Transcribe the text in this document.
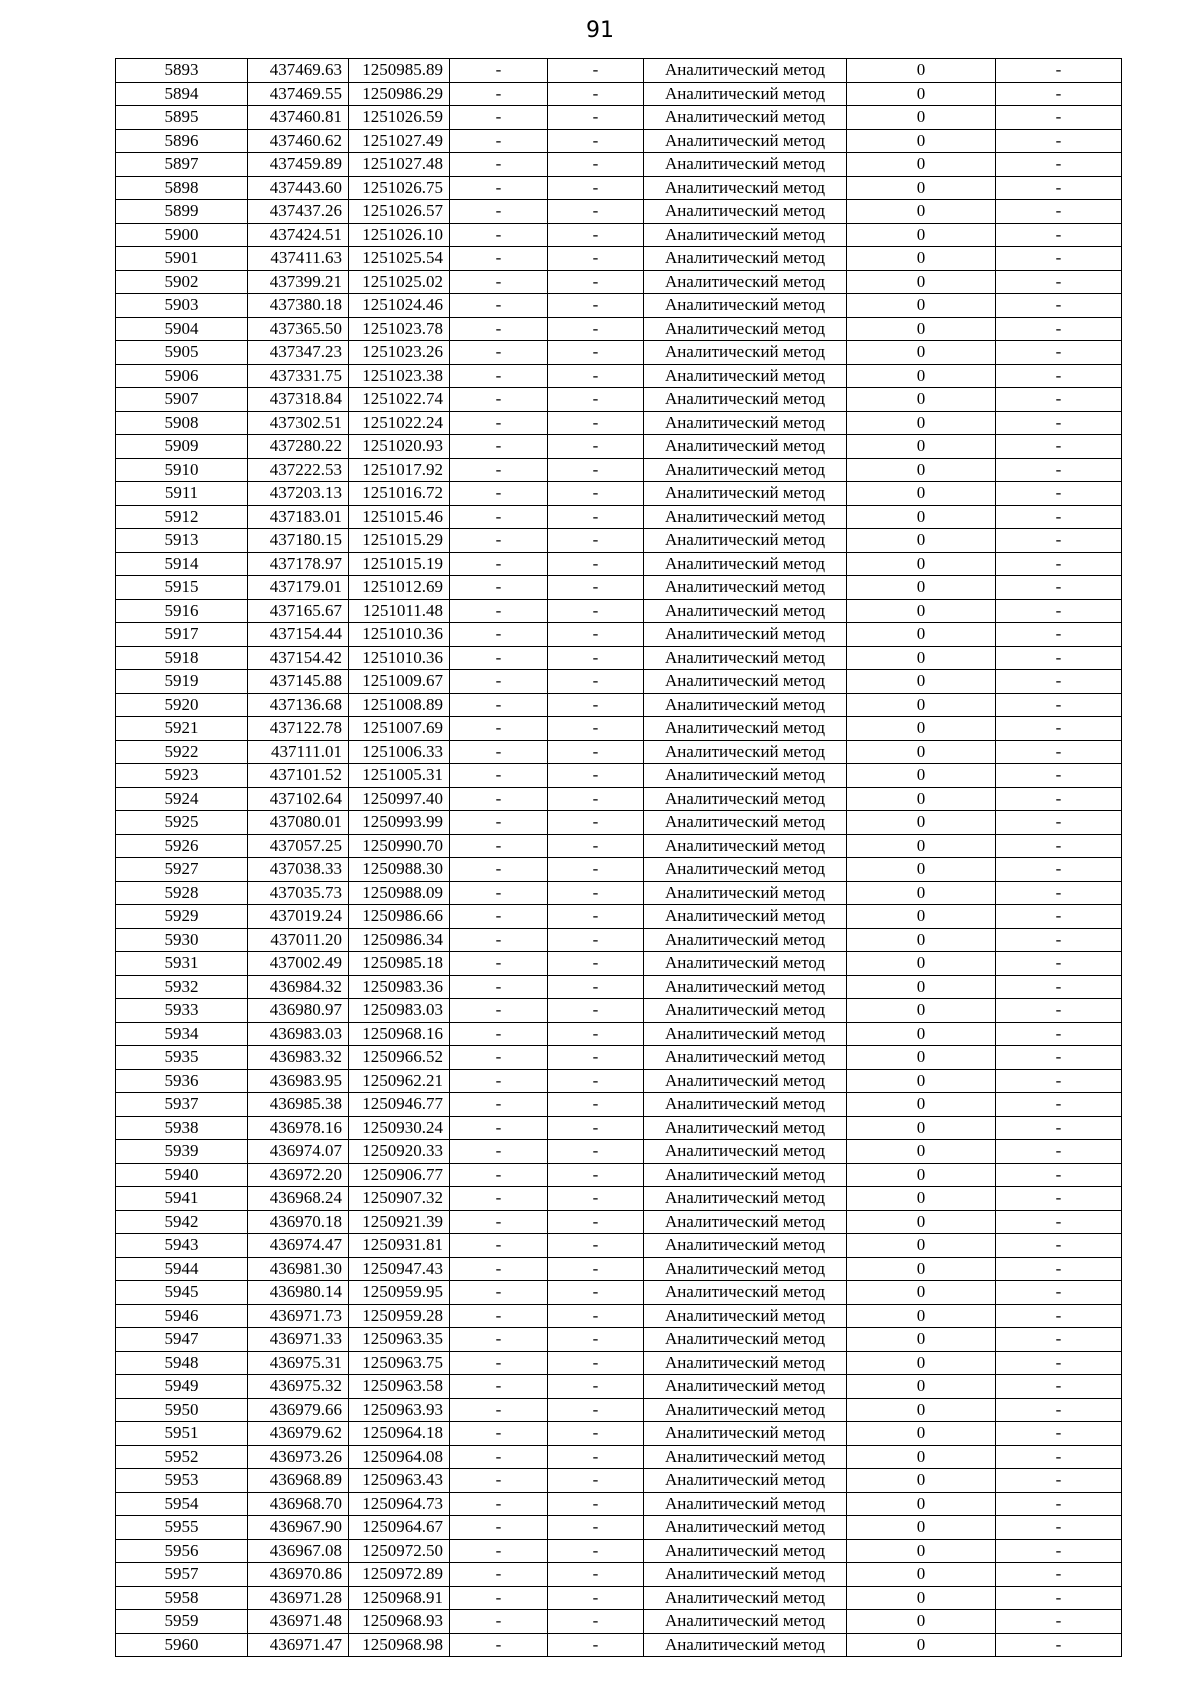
91
5893	437469.63	1250985.89	-	-	Аналитический метод	0	-
5894	437469.55	1250986.29	-	-	Аналитический метод	0	-
5895	437460.81	1251026.59	-	-	Аналитический метод	0	-
5896	437460.62	1251027.49	-	-	Аналитический метод	0	-
5897	437459.89	1251027.48	-	-	Аналитический метод	0	-
5898	437443.60	1251026.75	-	-	Аналитический метод	0	-
5899	437437.26	1251026.57	-	-	Аналитический метод	0	-
5900	437424.51	1251026.10	-	-	Аналитический метод	0	-
5901	437411.63	1251025.54	-	-	Аналитический метод	0	-
5902	437399.21	1251025.02	-	-	Аналитический метод	0	-
5903	437380.18	1251024.46	-	-	Аналитический метод	0	-
5904	437365.50	1251023.78	-	-	Аналитический метод	0	-
5905	437347.23	1251023.26	-	-	Аналитический метод	0	-
5906	437331.75	1251023.38	-	-	Аналитический метод	0	-
5907	437318.84	1251022.74	-	-	Аналитический метод	0	-
5908	437302.51	1251022.24	-	-	Аналитический метод	0	-
5909	437280.22	1251020.93	-	-	Аналитический метод	0	-
5910	437222.53	1251017.92	-	-	Аналитический метод	0	-
5911	437203.13	1251016.72	-	-	Аналитический метод	0	-
5912	437183.01	1251015.46	-	-	Аналитический метод	0	-
5913	437180.15	1251015.29	-	-	Аналитический метод	0	-
5914	437178.97	1251015.19	-	-	Аналитический метод	0	-
5915	437179.01	1251012.69	-	-	Аналитический метод	0	-
5916	437165.67	1251011.48	-	-	Аналитический метод	0	-
5917	437154.44	1251010.36	-	-	Аналитический метод	0	-
5918	437154.42	1251010.36	-	-	Аналитический метод	0	-
5919	437145.88	1251009.67	-	-	Аналитический метод	0	-
5920	437136.68	1251008.89	-	-	Аналитический метод	0	-
5921	437122.78	1251007.69	-	-	Аналитический метод	0	-
5922	437111.01	1251006.33	-	-	Аналитический метод	0	-
5923	437101.52	1251005.31	-	-	Аналитический метод	0	-
5924	437102.64	1250997.40	-	-	Аналитический метод	0	-
5925	437080.01	1250993.99	-	-	Аналитический метод	0	-
5926	437057.25	1250990.70	-	-	Аналитический метод	0	-
5927	437038.33	1250988.30	-	-	Аналитический метод	0	-
5928	437035.73	1250988.09	-	-	Аналитический метод	0	-
5929	437019.24	1250986.66	-	-	Аналитический метод	0	-
5930	437011.20	1250986.34	-	-	Аналитический метод	0	-
5931	437002.49	1250985.18	-	-	Аналитический метод	0	-
5932	436984.32	1250983.36	-	-	Аналитический метод	0	-
5933	436980.97	1250983.03	-	-	Аналитический метод	0	-
5934	436983.03	1250968.16	-	-	Аналитический метод	0	-
5935	436983.32	1250966.52	-	-	Аналитический метод	0	-
5936	436983.95	1250962.21	-	-	Аналитический метод	0	-
5937	436985.38	1250946.77	-	-	Аналитический метод	0	-
5938	436978.16	1250930.24	-	-	Аналитический метод	0	-
5939	436974.07	1250920.33	-	-	Аналитический метод	0	-
5940	436972.20	1250906.77	-	-	Аналитический метод	0	-
5941	436968.24	1250907.32	-	-	Аналитический метод	0	-
5942	436970.18	1250921.39	-	-	Аналитический метод	0	-
5943	436974.47	1250931.81	-	-	Аналитический метод	0	-
5944	436981.30	1250947.43	-	-	Аналитический метод	0	-
5945	436980.14	1250959.95	-	-	Аналитический метод	0	-
5946	436971.73	1250959.28	-	-	Аналитический метод	0	-
5947	436971.33	1250963.35	-	-	Аналитический метод	0	-
5948	436975.31	1250963.75	-	-	Аналитический метод	0	-
5949	436975.32	1250963.58	-	-	Аналитический метод	0	-
5950	436979.66	1250963.93	-	-	Аналитический метод	0	-
5951	436979.62	1250964.18	-	-	Аналитический метод	0	-
5952	436973.26	1250964.08	-	-	Аналитический метод	0	-
5953	436968.89	1250963.43	-	-	Аналитический метод	0	-
5954	436968.70	1250964.73	-	-	Аналитический метод	0	-
5955	436967.90	1250964.67	-	-	Аналитический метод	0	-
5956	436967.08	1250972.50	-	-	Аналитический метод	0	-
5957	436970.86	1250972.89	-	-	Аналитический метод	0	-
5958	436971.28	1250968.91	-	-	Аналитический метод	0	-
5959	436971.48	1250968.93	-	-	Аналитический метод	0	-
5960	436971.47	1250968.98	-	-	Аналитический метод	0	-
